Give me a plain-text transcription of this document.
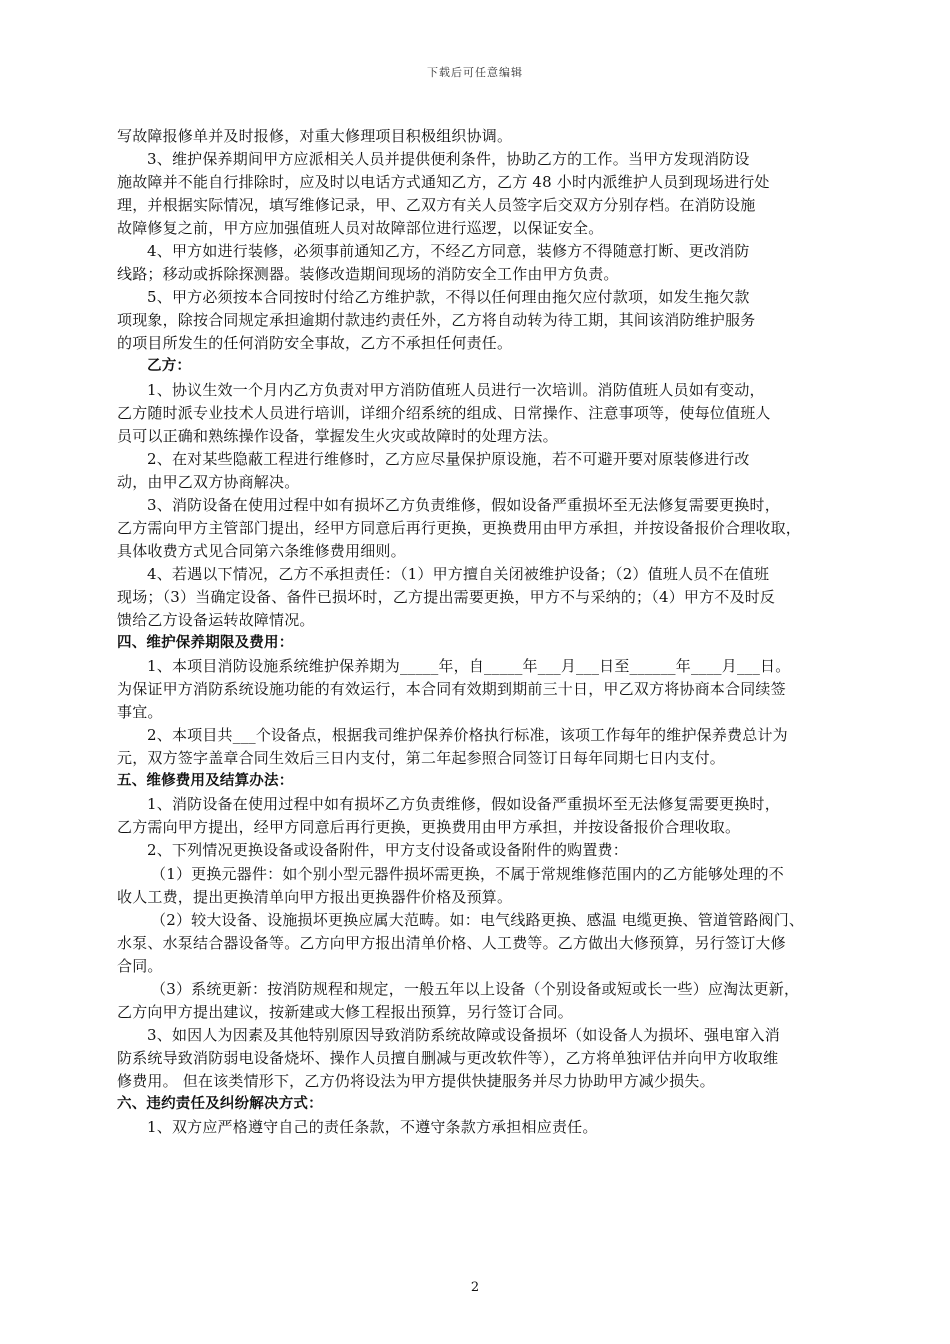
下载后可任意编辑
写故障报修单并及时报修，对重大修理项目积极组织协调。
3、维护保养期间甲方应派相关人员并提供便利条件，协助乙方的工作。当甲方发现消防设
施故障并不能自行排除时，应及时以电话方式通知乙方，乙方 48 小时内派维护人员到现场进行处
理，并根据实际情况，填写维修记录，甲、乙双方有关人员签字后交双方分别存档。在消防设施
故障修复之前，甲方应加强值班人员对故障部位进行巡逻，以保证安全。
4、甲方如进行装修，必须事前通知乙方，不经乙方同意，装修方不得随意打断、更改消防
线路；移动或拆除探测器。装修改造期间现场的消防安全工作由甲方负责。
5、甲方必须按本合同按时付给乙方维护款，不得以任何理由拖欠应付款项，如发生拖欠款
项现象，除按合同规定承担逾期付款违约责任外，乙方将自动转为待工期，其间该消防维护服务
的项目所发生的任何消防安全事故，乙方不承担任何责任。
乙方：
1、协议生效一个月内乙方负责对甲方消防值班人员进行一次培训。消防值班人员如有变动，
乙方随时派专业技术人员进行培训，详细介绍系统的组成、日常操作、注意事项等，使每位值班人
员可以正确和熟练操作设备，掌握发生火灾或故障时的处理方法。
2、在对某些隐蔽工程进行维修时，乙方应尽量保护原设施，若不可避开要对原装修进行改
动，由甲乙双方协商解决。
3、消防设备在使用过程中如有损坏乙方负责维修，假如设备严重损坏至无法修复需要更换时，
乙方需向甲方主管部门提出，经甲方同意后再行更换，更换费用由甲方承担，并按设备报价合理收取，
具体收费方式见合同第六条维修费用细则。
4、若遇以下情况，乙方不承担责任：（1）甲方擅自关闭被维护设备；（2）值班人员不在值班
现场；（3）当确定设备、备件已损坏时，乙方提出需要更换，甲方不与采纳的；（4）甲方不及时反
馈给乙方设备运转故障情况。
四、维护保养期限及费用：
1、本项目消防设施系统维护保养期为_____年，自_____年___月___日至______年____月___日。
为保证甲方消防系统设施功能的有效运行，本合同有效期到期前三十日，甲乙双方将协商本合同续签
事宜。
2、本项目共___个设备点，根据我司维护保养价格执行标准，该项工作每年的维护保养费总计为
元，双方签字盖章合同生效后三日内支付，第二年起参照合同签订日每年同期七日内支付。
五、维修费用及结算办法：
1、消防设备在使用过程中如有损坏乙方负责维修，假如设备严重损坏至无法修复需要更换时，
乙方需向甲方提出，经甲方同意后再行更换，更换费用由甲方承担，并按设备报价合理收取。
2、下列情况更换设备或设备附件，甲方支付设备或设备附件的购置费：
（1）更换元器件：如个别小型元器件损坏需更换，不属于常规维修范围内的乙方能够处理的不
收人工费，提出更换清单向甲方报出更换器件价格及预算。
（2）较大设备、设施损坏更换应属大范畴。如：电气线路更换、感温 电缆更换、管道管路阀门、
水泵、水泵结合器设备等。乙方向甲方报出清单价格、人工费等。乙方做出大修预算，另行签订大修
合同。
（3）系统更新：按消防规程和规定，一般五年以上设备（个别设备或短或长一些）应淘汰更新，
乙方向甲方提出建议，按新建或大修工程报出预算，另行签订合同。
3、如因人为因素及其他特别原因导致消防系统故障或设备损坏（如设备人为损坏、强电窜入消
防系统导致消防弱电设备烧坏、操作人员擅自删减与更改软件等），乙方将单独评估并向甲方收取维
修费用。 但在该类情形下，乙方仍将设法为甲方提供快捷服务并尽力协助甲方减少损失。
六、违约责任及纠纷解决方式：
1、双方应严格遵守自己的责任条款，不遵守条款方承担相应责任。
2
